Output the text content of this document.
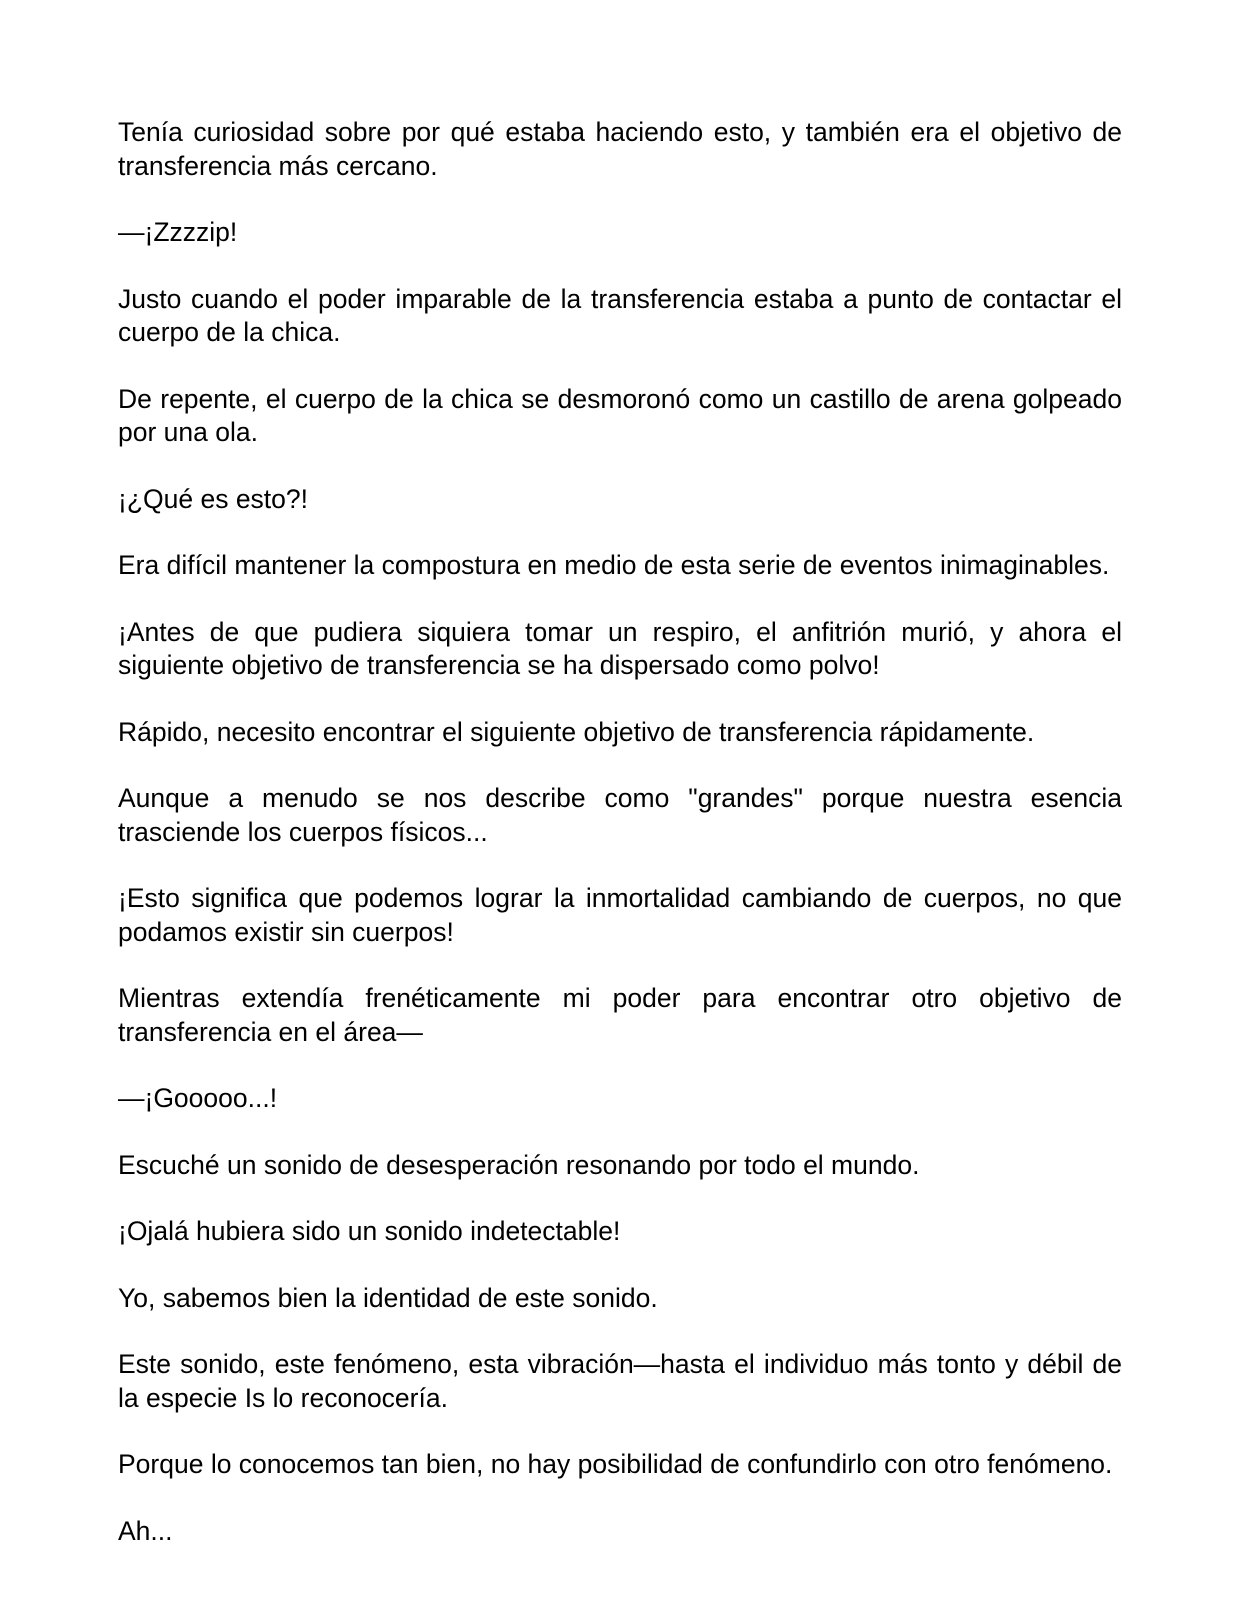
Tenía curiosidad sobre por qué estaba haciendo esto, y también era el objetivo de transferencia más cercano.

—¡Zzzzip!

Justo cuando el poder imparable de la transferencia estaba a punto de contactar el cuerpo de la chica.

De repente, el cuerpo de la chica se desmoronó como un castillo de arena golpeado por una ola.

¡¿Qué es esto?!

Era difícil mantener la compostura en medio de esta serie de eventos inimaginables.

¡Antes de que pudiera siquiera tomar un respiro, el anfitrión murió, y ahora el siguiente objetivo de transferencia se ha dispersado como polvo!

Rápido, necesito encontrar el siguiente objetivo de transferencia rápidamente.

Aunque a menudo se nos describe como "grandes" porque nuestra esencia trasciende los cuerpos físicos...

¡Esto significa que podemos lograr la inmortalidad cambiando de cuerpos, no que podamos existir sin cuerpos!

Mientras extendía frenéticamente mi poder para encontrar otro objetivo de transferencia en el área—

—¡Gooooo...!

Escuché un sonido de desesperación resonando por todo el mundo.

¡Ojalá hubiera sido un sonido indetectable!

Yo, sabemos bien la identidad de este sonido.

Este sonido, este fenómeno, esta vibración—hasta el individuo más tonto y débil de la especie Is lo reconocería.

Porque lo conocemos tan bien, no hay posibilidad de confundirlo con otro fenómeno.

Ah...
